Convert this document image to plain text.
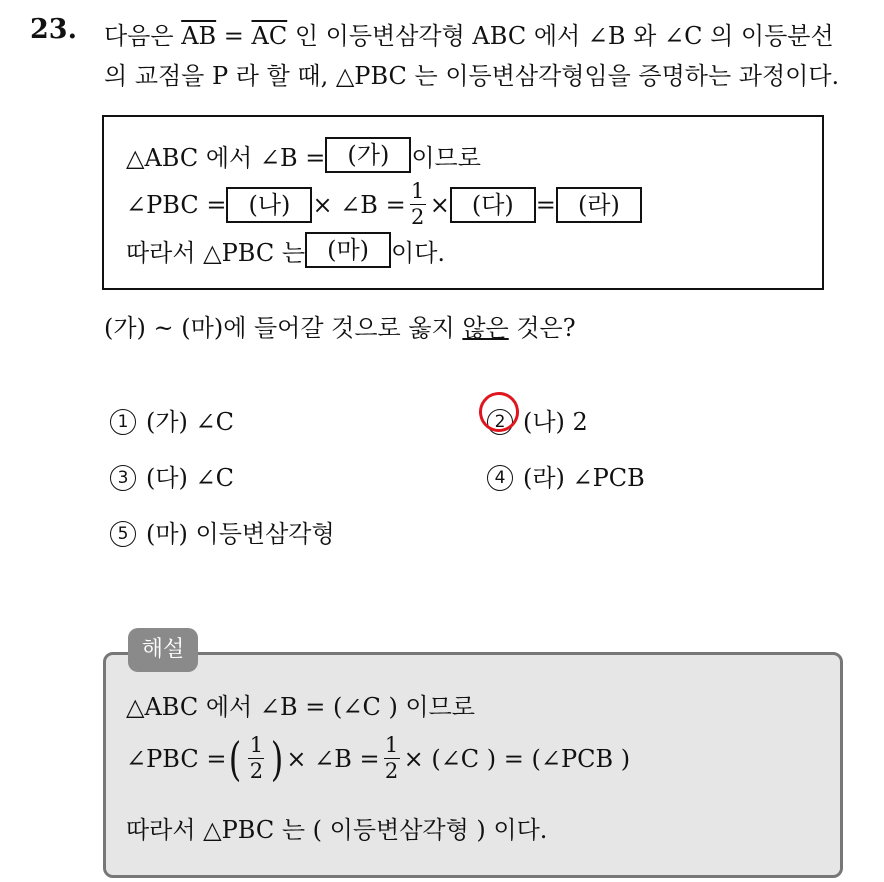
23. 다음은 $\overline{AB} = \overline{AC}$ 인 이등변삼각형 ABC 에서 ∠B 와 ∠C 의 이등분선
의 교점을 P 라 할 때, △PBC 는 이등변삼각형임을 증명하는 과정이다.
△ABC 에서 ∠B = (가) 이므로
∠PBC = (나) × ∠B = $\frac{1}{2}$ × (다) = (라)
따라서 △PBC 는 (마) 이다.
(가) ~ (마)에 들어갈 것으로 옳지 않은 것은?
1 (가) ∠C	2 (나) 2
3 (다) ∠C	4 (라) ∠PCB
5 (마) 이등변삼각형
해설
△ABC 에서 ∠B = (∠C ) 이므로
∠PBC = ( $\frac{1}{2}$ ) × ∠B = $\frac{1}{2}$ × (∠C ) = (∠PCB )
따라서 △PBC 는 ( 이등변삼각형 ) 이다.
